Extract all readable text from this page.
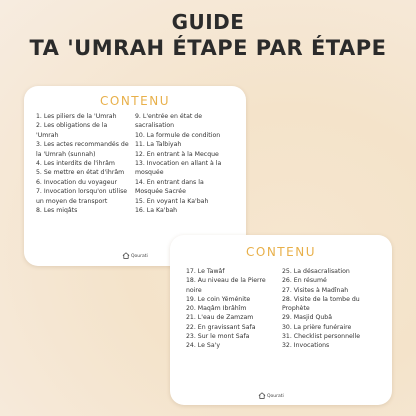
GUIDE
TA 'UMRAH ÉTAPE PAR ÉTAPE
CONTENU
1. Les piliers de la 'Umrah
2. Les obligations de la
'Umrah
3. Les actes recommandés de
la 'Umrah (sunnah)
4. Les interdits de l'ihrâm
5. Se mettre en état d'ihrâm
6. Invocation du voyageur
7. Invocation lorsqu'on utilise
un moyen de transport
8. Les miqâts
9. L'entrée en état de
sacralisation
10. La formule de condition
11. La Talbiyah
12. En entrant à la Mecque
13. Invocation en allant à la
mosquée
14. En entrant dans la
Mosquée Sacrée
15. En voyant la Ka'bah
16. La Ka'bah
Qourati	CONTENU
17. Le Tawâf
18. Au niveau de la Pierre
noire
19. Le coin Yéménite
20. Maqâm Ibrâhîm
21. L'eau de Zamzam
22. En gravissant Safa
23. Sur le mont Safa
24. Le Sa'y
25. La désacralisation
26. En résumé
27. Visites à Madînah
28. Visite de la tombe du
Prophète
29. Masjid Qubâ
30. La prière funéraire
31. Checklist personnelle
32. Invocations
Qourati
